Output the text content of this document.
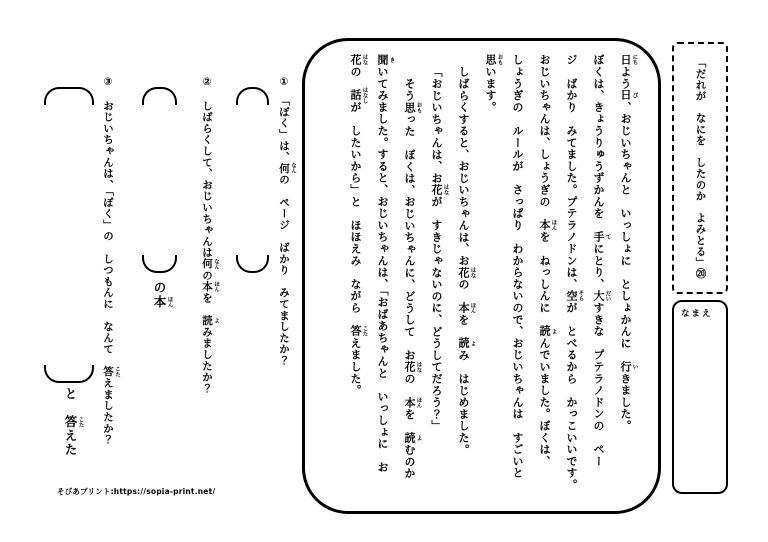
「だれが　なにを　したのか　よみとる」⑳
なまえ
日 にちよう日 び、おじいちゃんと　いっしょに　としょかんに　行 いきました。
ぼくは、きょうりゅうずかんを　手 てにとり、大 だいすきな　プテラノドンの　ペー
ジ　ばかり　みてました。プテラノドンは、空 そらが　とべるから　かっこいいです。
おじいちゃんは、しょうぎの　本 ほんを　ねっしんに　読 よんでいました。ぼくは、
しょうぎの　ルールが　さっぱり　わからないので、おじいちゃんは　すごいと
思 おもいます。
しばらくすると、おじいちゃんは、お花 はなの　本 ほんを　読 よみ　はじめました。
「おじいちゃんは、お花 はなが　すきじゃないのに、どうしてだろう？」
そう思 おもった　ぼくは、おじいちゃんに、どうして　お花 はなの　本 ほんを　読 よむのか
聞 きいてみました。すると、おじいちゃんは、「おばあちゃんと　いっしょに　お
花 はなの　話 はなしが　したいから」と　ほほえみ　ながら　答 こたえました。
①　「ぼく」は、何 なんの　ページ　ばかり　みてましたか？
②　しばらくして、おじいちゃんは何 なんの本 ほんを　読 よみましたか？
の本 ほん
③　おじいちゃんは、「ぼく」の　しつもんに　なんて　答 こたえましたか？
と　答 こたえた
そびあプリント:https://sopia-print.net/
